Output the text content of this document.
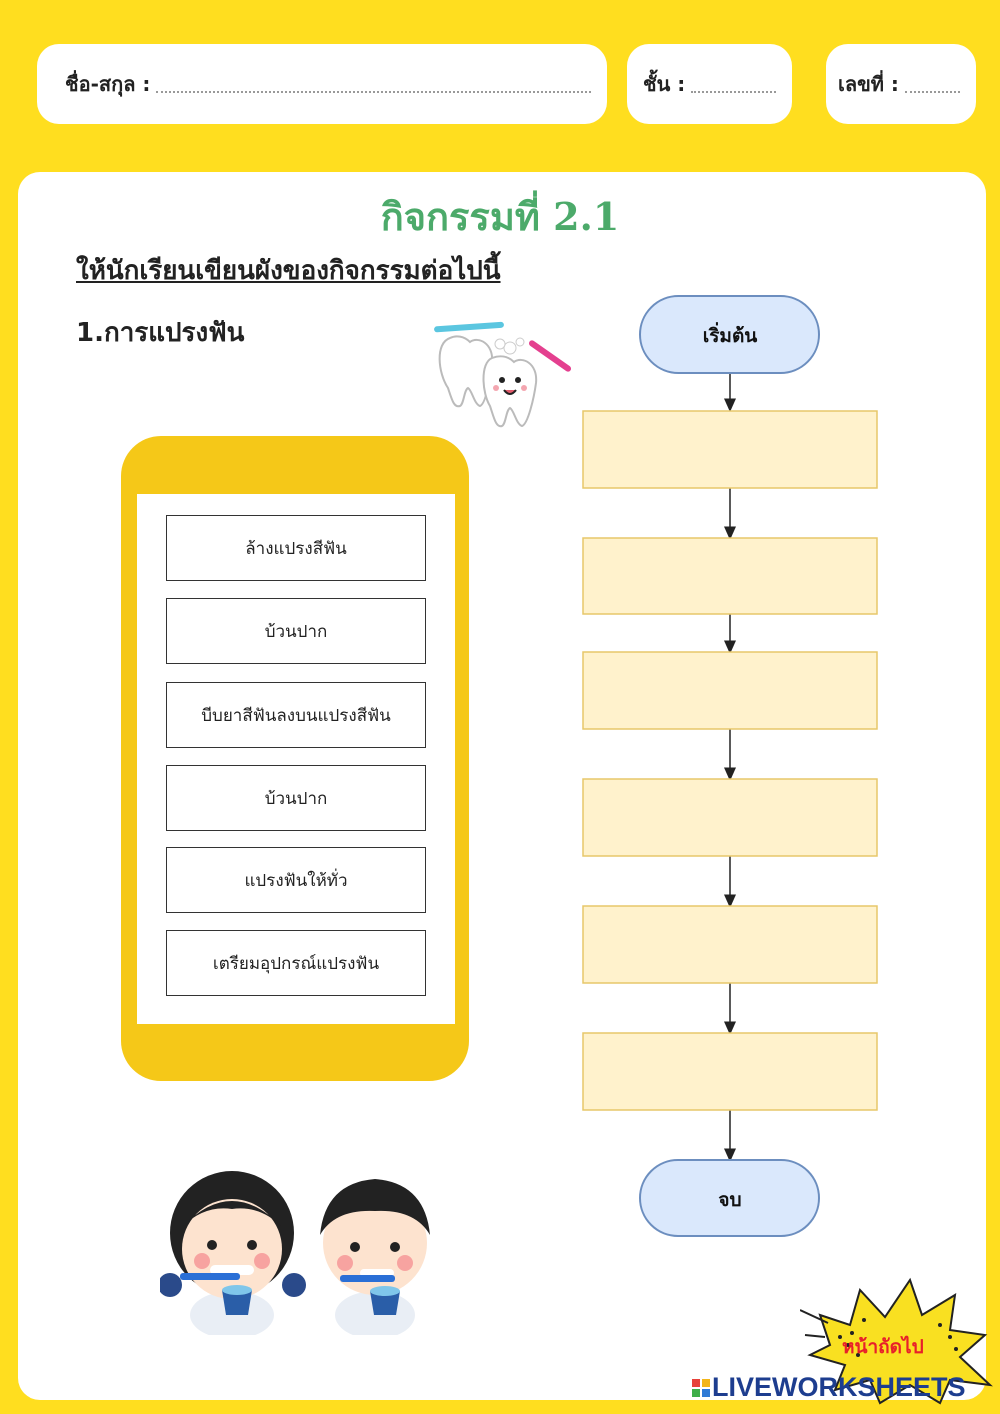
ชื่อ-สกุล :	ชั้น :	เลขที่ :
กิจกรรมที่ 2.1
ให้นักเรียนเขียนผังของกิจกรรมต่อไปนี้
1.การแปรงฟัน
ล้างแปรงสีฟัน
บ้วนปาก
บีบยาสีฟันลงบนแปรงสีฟัน
บ้วนปาก
แปรงฟันให้ทั่ว
เตรียมอุปกรณ์แปรงฟัน
เริ่มต้น
จบ
หน้าถัดไป
LIVEWORKSHEETS
